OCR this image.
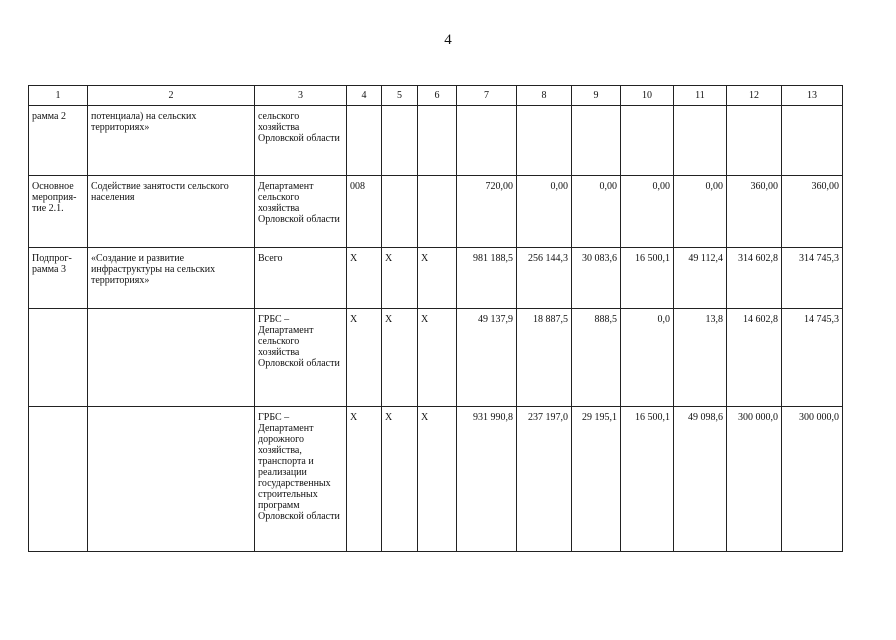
4
1	2	3	4	5	6	7	8	9	10	11	12	13
рамма 2	потенциала) на сельских территориях»	сельского хозяйства Орловской области										
Основное мероприя-тие 2.1.	Содействие занятости сельского населения	Департамент сельского хозяйства Орловской области	008			720,00	0,00	0,00	0,00	0,00	360,00	360,00
Подпрог-рамма 3	«Создание и развитие инфраструктуры на сельских территориях»	Всего	X	X	X	981 188,5	256 144,3	30 083,6	16 500,1	49 112,4	314 602,8	314 745,3
		ГРБС – Департамент сельского хозяйства Орловской области	X	X	X	49 137,9	18 887,5	888,5	0,0	13,8	14 602,8	14 745,3
		ГРБС – Департамент дорожного хозяйства, транспорта и реализации государственных строительных программ Орловской области	X	X	X	931 990,8	237 197,0	29 195,1	16 500,1	49 098,6	300 000,0	300 000,0
